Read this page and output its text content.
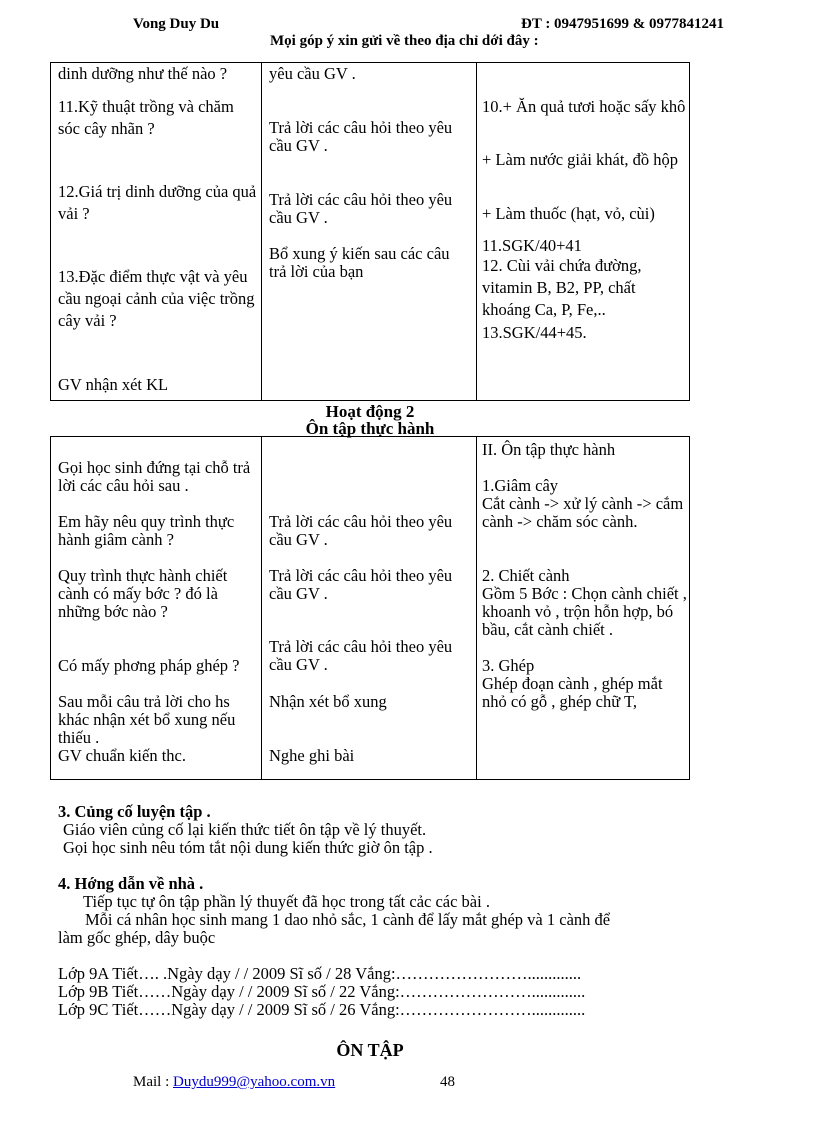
Vong Duy Du	ĐT : 0947951699 & 0977841241
Mọi góp ý xin gửi về theo địa chỉ dới đây :
dinh dưỡng như thế nào ?
11.Kỹ thuật trồng và chăm sóc cây nhãn ?
12.Giá trị dinh dưỡng của quả vải ?
13.Đặc điểm thực vật và yêu cầu ngoại cảnh của việc trồng cây vải ?
GV nhận xét KL
yêu cầu GV .
Trả lời các câu hỏi theo yêu cầu GV .
Trả lời các câu hỏi theo yêu cầu GV .
Bổ xung ý kiến sau các câu trả lời của bạn
10.+ Ăn quả tươi hoặc sấy khô
+ Làm nước giải khát, đồ hộp
+ Làm thuốc (hạt, vỏ, cùi)
11.SGK/40+41
12. Cùi vải chứa đường, vitamin B, B2, PP, chất khoáng Ca, P, Fe,..
13.SGK/44+45.
Hoạt động 2
Ôn tập thực hành
Gọi học sinh đứng tại chỗ trả lời các câu hỏi sau .
Em hãy nêu quy trình thực hành giâm cành ?
Quy trình thực hành chiết cành có mấy bớc ? đó là những bớc nào ?
Có mấy phơng pháp ghép ?
Sau mỗi câu trả lời cho hs khác nhận xét bổ xung nếu thiếu .
GV chuẩn kiến thc.
Trả lời các câu hỏi theo yêu cầu GV .
Trả lời các câu hỏi theo yêu cầu GV .
Trả lời các câu hỏi theo yêu cầu GV .
Nhận xét bổ xung
Nghe ghi bài
II. Ôn tập thực hành
1.Giâm cây
Cắt cành -> xử lý cành -> cắm cành -> chăm sóc cành.
2. Chiết cành
Gồm 5 Bớc : Chọn cành chiết , khoanh vỏ , trộn hỗn hợp, bó bầu, cắt cành chiết .
3. Ghép
Ghép đoạn cành , ghép mắt nhỏ có gỗ , ghép chữ T,
3. Củng cố luyện tập .
Giáo viên củng cố lại kiến thức tiết ôn tập về lý thuyết.
Gọi học sinh nêu tóm tắt nội dung kiến thức giờ ôn tập .
4. Hớng dẫn về nhà .
Tiếp tục tự ôn tập phần lý thuyết đã học trong tất cảc các bài .
Mỗi cá nhân học sinh mang 1 dao nhỏ sắc, 1 cành để lấy mắt ghép và 1 cành để
làm gốc ghép, dây buộc
Lớp 9A Tiết…. .Ngày dạy / / 2009 Sĩ số / 28 Vắng:…………………….............
Lớp 9B Tiết……Ngày dạy / / 2009 Sĩ số / 22 Vắng:…………………….............
Lớp 9C Tiết……Ngày dạy / / 2009 Sĩ số / 26 Vắng:…………………….............
ÔN TẬP
Mail : Duydu999@yahoo.com.vn	48
